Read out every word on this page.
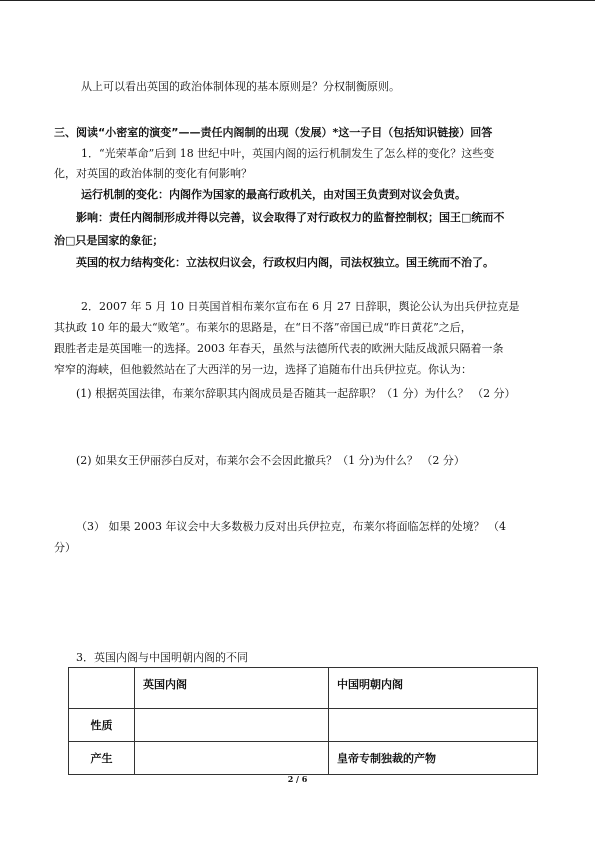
从上可以看出英国的政治体制体现的基本原则是？分权制衡原则。
三、阅读“小密室的演变”——责任内阁制的出现（发展）*这一子目（包括知识链接）回答
1．“光荣革命”后到 18 世纪中叶，英国内阁的运行机制发生了怎么样的变化？这些变
化，对英国的政治体制的变化有何影响？
运行机制的变化：内阁作为国家的最高行政机关，由对国王负责到对议会负责。
影响：责任内阁制形成并得以完善，议会取得了对行政权力的监督控制权；国王□统而不
治□只是国家的象征；
英国的权力结构变化：立法权归议会，行政权归内阁，司法权独立。国王统而不治了。
2．2007 年 5 月 10 日英国首相布莱尔宣布在 6 月 27 日辞职，舆论公认为出兵伊拉克是
其执政 10 年的最大“败笔”。布莱尔的思路是，在“日不落”帝国已成“昨日黄花”之后，
跟胜者走是英国唯一的选择。2003 年春天，虽然与法德所代表的欧洲大陆反战派只隔着一条
窄窄的海峡，但他毅然站在了大西洋的另一边，选择了追随布什出兵伊拉克。你认为：
(1) 根据英国法律，布莱尔辞职其内阁成员是否随其一起辞职？（1 分）为什么？ （2 分）
(2) 如果女王伊丽莎白反对，布莱尔会不会因此撤兵？（1 分)为什么？ （2 分）
（3） 如果 2003 年议会中大多数极力反对出兵伊拉克，布莱尔将面临怎样的处境？ （4
分）
3．英国内阁与中国明朝内阁的不同
	英国内阁	中国明朝内阁
性质		
产生		皇帝专制独裁的产物
2 / 6
